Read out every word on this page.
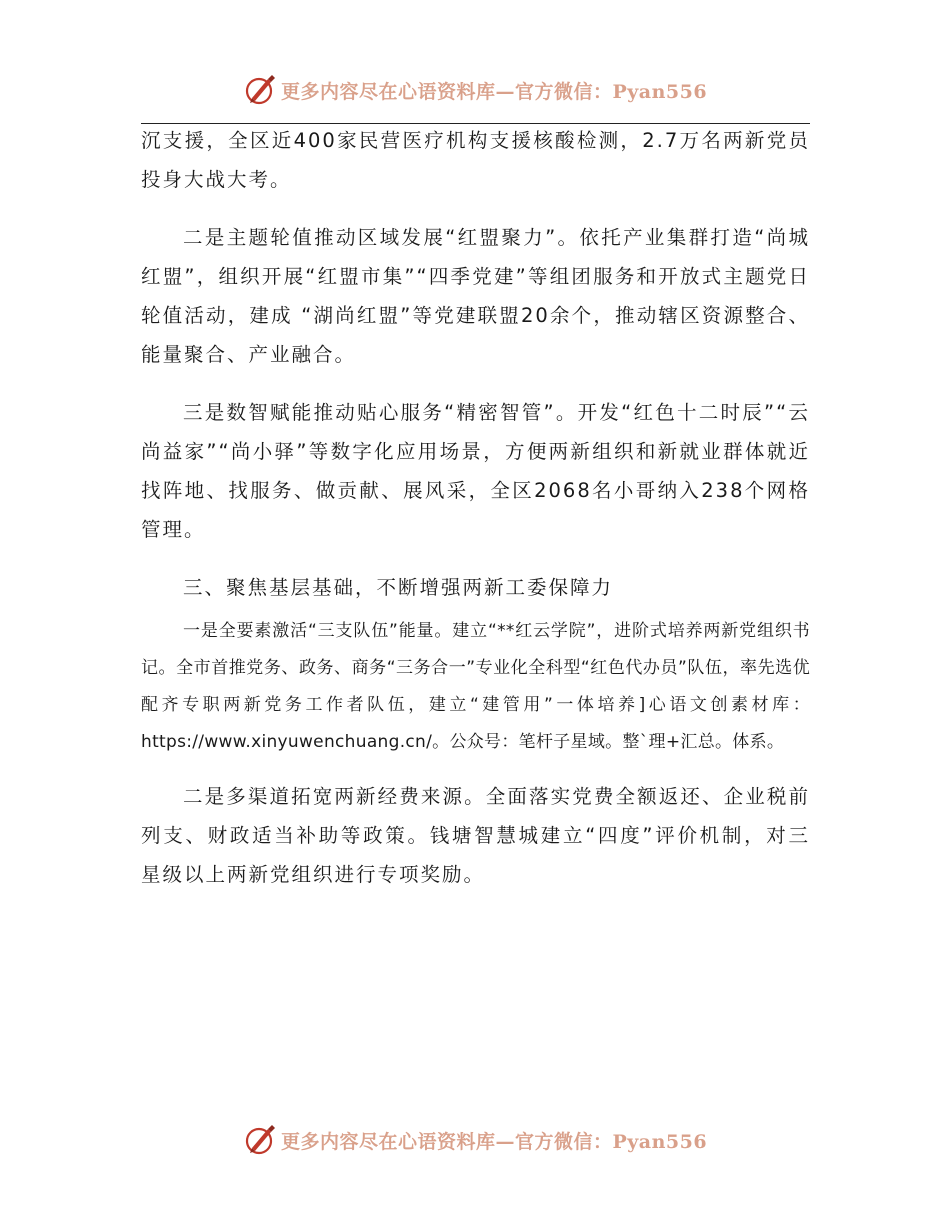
更多内容尽在心语资料库—官方微信：Pyan556

沉支援，全区近400家民营医疗机构支援核酸检测，2.7万名两新党员投身大战大考。

二是主题轮值推动区域发展“红盟聚力”。依托产业集群打造“尚城红盟”，组织开展“红盟市集”“四季党建”等组团服务和开放式主题党日轮值活动，建成 “湖尚红盟”等党建联盟20余个，推动辖区资源整合、能量聚合、产业融合。

三是数智赋能推动贴心服务“精密智管”。开发“红色十二时辰”“云尚益家”“尚小驿”等数字化应用场景，方便两新组织和新就业群体就近找阵地、找服务、做贡献、展风采，全区2068名小哥纳入238个网格管理。

三、聚焦基层基础，不断增强两新工委保障力

一是全要素激活“三支队伍”能量。建立“**红云学院”，进阶式培养两新党组织书记。全市首推党务、政务、商务“三务合一”专业化全科型“红色代办员”队伍，率先选优配齐专职两新党务工作者队伍，建立“建管用”一体培养]心语文创素材库：https://www.xinyuwenchuang.cn/。公众号：笔杆子星域。整`理+汇总。体系。

二是多渠道拓宽两新经费来源。全面落实党费全额返还、企业税前列支、财政适当补助等政策。钱塘智慧城建立“四度”评价机制，对三星级以上两新党组织进行专项奖励。

更多内容尽在心语资料库—官方微信：Pyan556
